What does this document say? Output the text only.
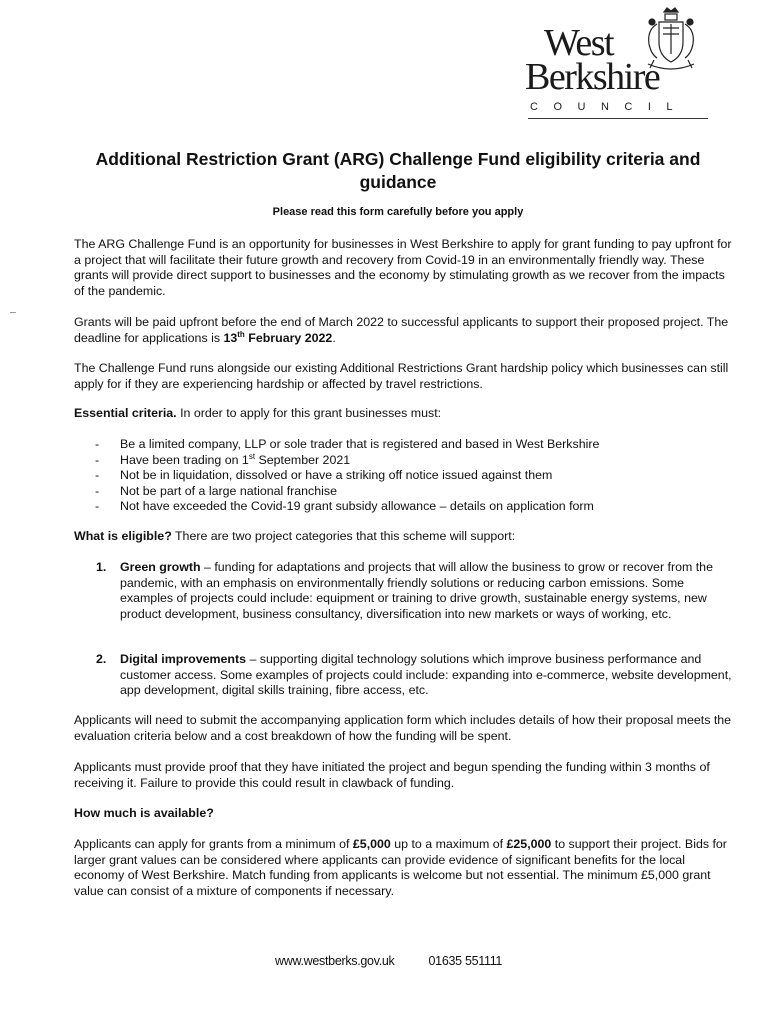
West
Berkshire
COUNCIL
Additional Restriction Grant (ARG) Challenge Fund eligibility criteria and guidance
Please read this form carefully before you apply
The ARG Challenge Fund is an opportunity for businesses in West Berkshire to apply for grant funding to pay upfront for a project that will facilitate their future growth and recovery from Covid-19 in an environmentally friendly way. These grants will provide direct support to businesses and the economy by stimulating growth as we recover from the impacts of the pandemic.
Grants will be paid upfront before the end of March 2022 to successful applicants to support their proposed project. The deadline for applications is 13th February 2022.
The Challenge Fund runs alongside our existing Additional Restrictions Grant hardship policy which businesses can still apply for if they are experiencing hardship or affected by travel restrictions.
Essential criteria. In order to apply for this grant businesses must:
- Be a limited company, LLP or sole trader that is registered and based in West Berkshire
- Have been trading on 1st September 2021
- Not be in liquidation, dissolved or have a striking off notice issued against them
- Not be part of a large national franchise
- Not have exceeded the Covid-19 grant subsidy allowance – details on application form
What is eligible? There are two project categories that this scheme will support:
1. Green growth – funding for adaptations and projects that will allow the business to grow or recover from the pandemic, with an emphasis on environmentally friendly solutions or reducing carbon emissions. Some examples of projects could include: equipment or training to drive growth, sustainable energy systems, new product development, business consultancy, diversification into new markets or ways of working, etc.
2. Digital improvements – supporting digital technology solutions which improve business performance and customer access. Some examples of projects could include: expanding into e-commerce, website development, app development, digital skills training, fibre access, etc.
Applicants will need to submit the accompanying application form which includes details of how their proposal meets the evaluation criteria below and a cost breakdown of how the funding will be spent.
Applicants must provide proof that they have initiated the project and begun spending the funding within 3 months of receiving it. Failure to provide this could result in clawback of funding.
How much is available?
Applicants can apply for grants from a minimum of £5,000 up to a maximum of £25,000 to support their project. Bids for larger grant values can be considered where applicants can provide evidence of significant benefits for the local economy of West Berkshire. Match funding from applicants is welcome but not essential. The minimum £5,000 grant value can consist of a mixture of components if necessary.
www.westberks.gov.uk	01635 551111
